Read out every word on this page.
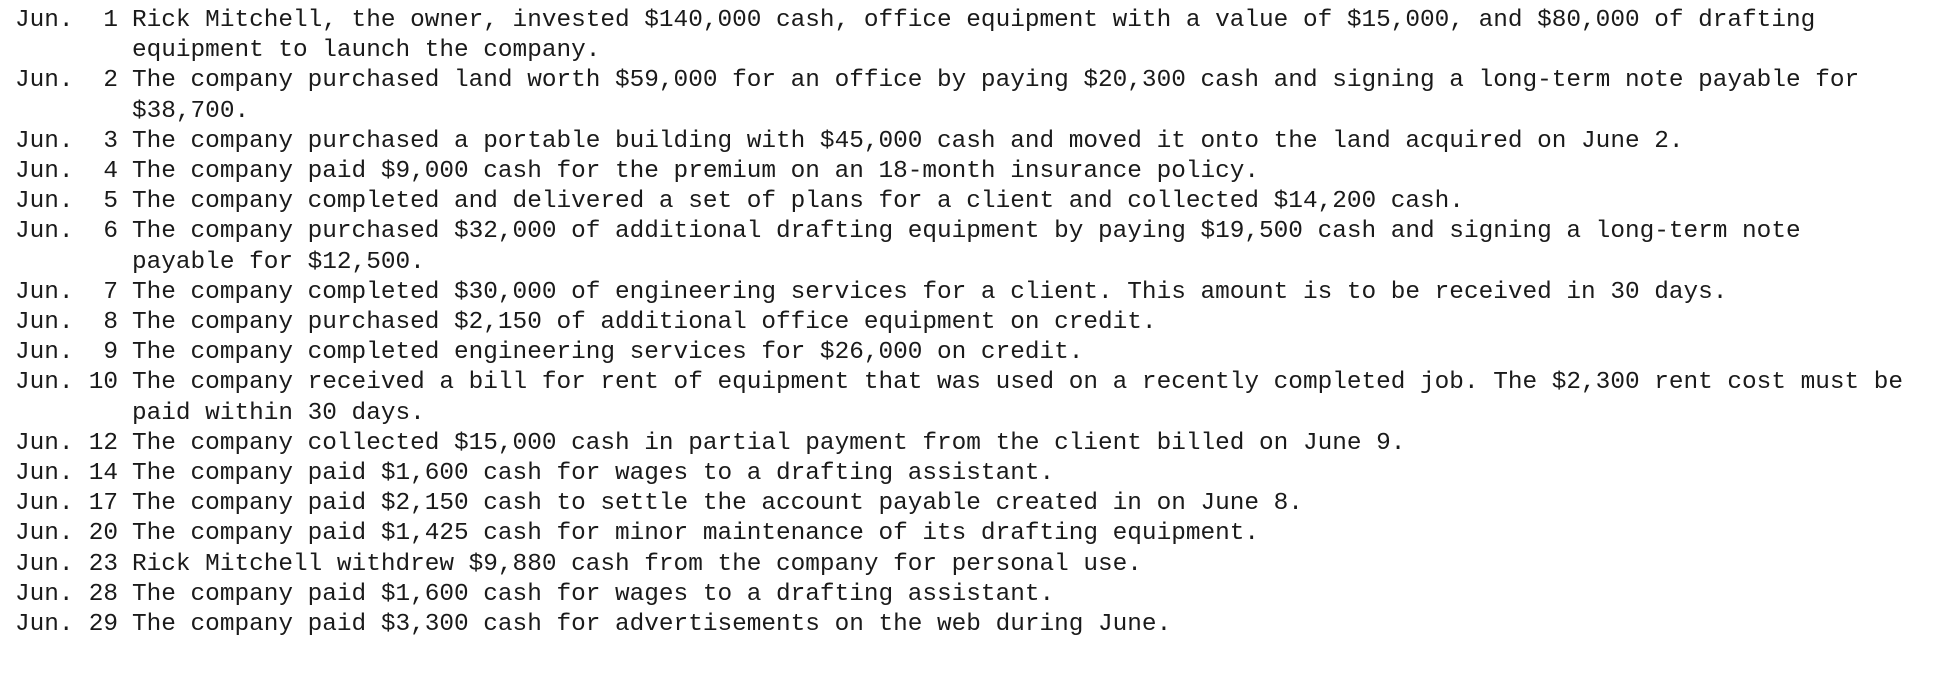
Jun.	1 Rick Mitchell, the owner, invested $140,000 cash, office equipment with a value of $15,000, and $80,000 of drafting equipment to launch the company.
Jun.	2 The company purchased land worth $59,000 for an office by paying $20,300 cash and signing a long-term note payable for $38,700.
Jun.	3 The company purchased a portable building with $45,000 cash and moved it onto the land acquired on June 2.
Jun.	4 The company paid $9,000 cash for the premium on an 18-month insurance policy.
Jun.	5 The company completed and delivered a set of plans for a client and collected $14,200 cash.
Jun.	6 The company purchased $32,000 of additional drafting equipment by paying $19,500 cash and signing a long-term note payable for $12,500.
Jun.	7 The company completed $30,000 of engineering services for a client. This amount is to be received in 30 days.
Jun.	8 The company purchased $2,150 of additional office equipment on credit.
Jun.	9 The company completed engineering services for $26,000 on credit.
Jun. 10 The company received a bill for rent of equipment that was used on a recently completed job. The $2,300 rent cost must be paid within 30 days.
Jun. 12 The company collected $15,000 cash in partial payment from the client billed on June 9.
Jun. 14 The company paid $1,600 cash for wages to a drafting assistant.
Jun. 17 The company paid $2,150 cash to settle the account payable created in on June 8.
Jun. 20 The company paid $1,425 cash for minor maintenance of its drafting equipment.
Jun. 23 Rick Mitchell withdrew $9,880 cash from the company for personal use.
Jun. 28 The company paid $1,600 cash for wages to a drafting assistant.
Jun. 29 The company paid $3,300 cash for advertisements on the web during June.
